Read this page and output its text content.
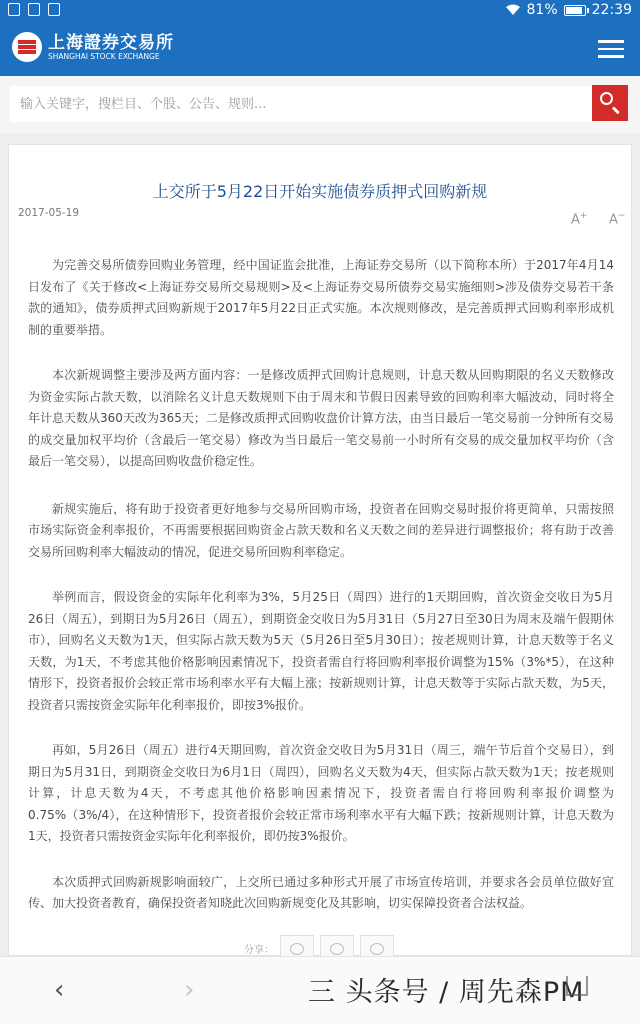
81% 22:39
上海證券交易所
SHANGHAI STOCK EXCHANGE
输入关键字，搜栏目、个股、公告、规则...
上交所于5月22日开始实施债券质押式回购新规
2017-05-19	A+ A−

为完善交易所债券回购业务管理，经中国证监会批准，上海证券交易所（以下简称本所）于2017年4月14日发布了《关于修改<上海证券交易所交易规则>及<上海证券交易所债券交易实施细则>涉及债券交易若干条款的通知》，债券质押式回购新规于2017年5月22日正式实施。本次规则修改，是完善质押式回购利率形成机制的重要举措。

本次新规调整主要涉及两方面内容：一是修改质押式回购计息规则，计息天数从回购期限的名义天数修改为资金实际占款天数，以消除名义计息天数规则下由于周末和节假日因素导致的回购利率大幅波动，同时将全年计息天数从360天改为365天；二是修改质押式回购收盘价计算方法，由当日最后一笔交易前一分钟所有交易的成交量加权平均价（含最后一笔交易）修改为当日最后一笔交易前一小时所有交易的成交量加权平均价（含最后一笔交易），以提高回购收盘价稳定性。

新规实施后，将有助于投资者更好地参与交易所回购市场，投资者在回购交易时报价将更简单，只需按照市场实际资金利率报价，不再需要根据回购资金占款天数和名义天数之间的差异进行调整报价；将有助于改善交易所回购利率大幅波动的情况，促进交易所回购利率稳定。

举例而言，假设资金的实际年化利率为3%，5月25日（周四）进行的1天期回购，首次资金交收日为5月26日（周五），到期日为5月26日（周五），到期资金交收日为5月31日（5月27日至30日为周末及端午假期休市），回购名义天数为1天，但实际占款天数为5天（5月26日至5月30日）；按老规则计算，计息天数等于名义天数，为1天，不考虑其他价格影响因素情况下，投资者需自行将回购利率报价调整为15%（3%*5），在这种情形下，投资者报价会较正常市场利率水平有大幅上涨；按新规则计算，计息天数等于实际占款天数，为5天，投资者只需按资金实际年化利率报价，即按3%报价。

再如，5月26日（周五）进行4天期回购，首次资金交收日为5月31日（周三，端午节后首个交易日），到期日为5月31日，到期资金交收日为6月1日（周四），回购名义天数为4天，但实际占款天数为1天；按老规则计算，计息天数为4天，不考虑其他价格影响因素情况下，投资者需自行将回购利率报价调整为0.75%（3%/4），在这种情形下，投资者报价会较正常市场利率水平有大幅下跌；按新规则计算，计息天数为1天，投资者只需按资金实际年化利率报价，即仍按3%报价。

本次质押式回购新规影响面较广，上交所已通过多种形式开展了市场宣传培训，并要求各会员单位做好宣传、加大投资者教育，确保投资者知晓此次回购新规变化及其影响，切实保障投资者合法权益。

分享：
‹	›	三 头条号 / 周先森PM
